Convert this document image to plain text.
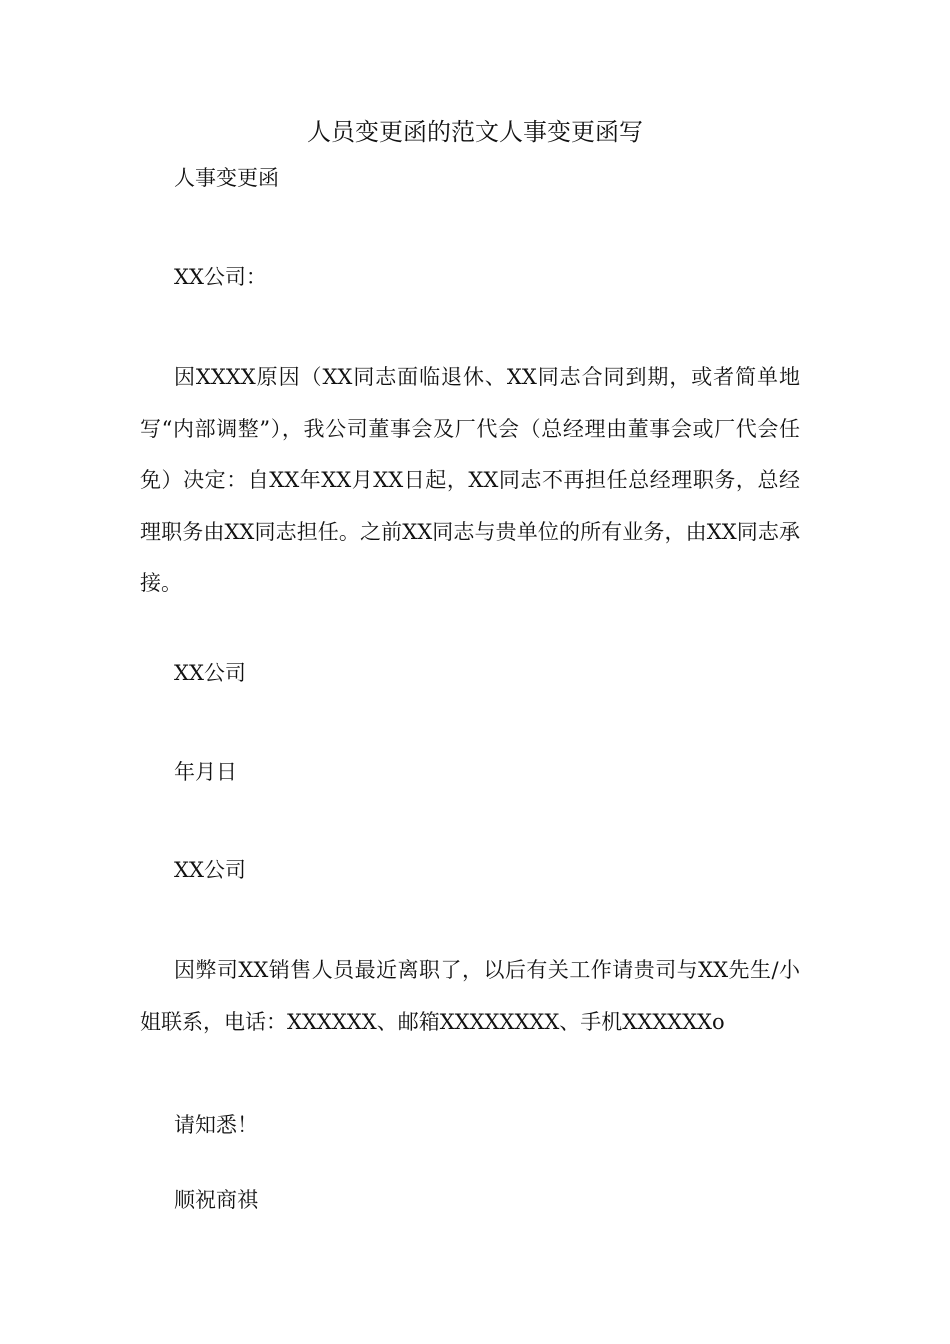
人员变更函的范文人事变更函写
人事变更函
XX公司：
因XXXX原因（XX同志面临退休、XX同志合同到期，或者简单地写“内部调整”），我公司董事会及厂代会（总经理由董事会或厂代会任免）决定：自XX年XX月XX日起，XX同志不再担任总经理职务，总经理职务由XX同志担任。之前XX同志与贵单位的所有业务，由XX同志承接。
XX公司
年月日
XX公司
因弊司XX销售人员最近离职了，以后有关工作请贵司与XX先生/小姐联系，电话：XXXXXX、邮箱XXXXXXXX、手机XXXXXXo
请知悉！
顺祝商祺
